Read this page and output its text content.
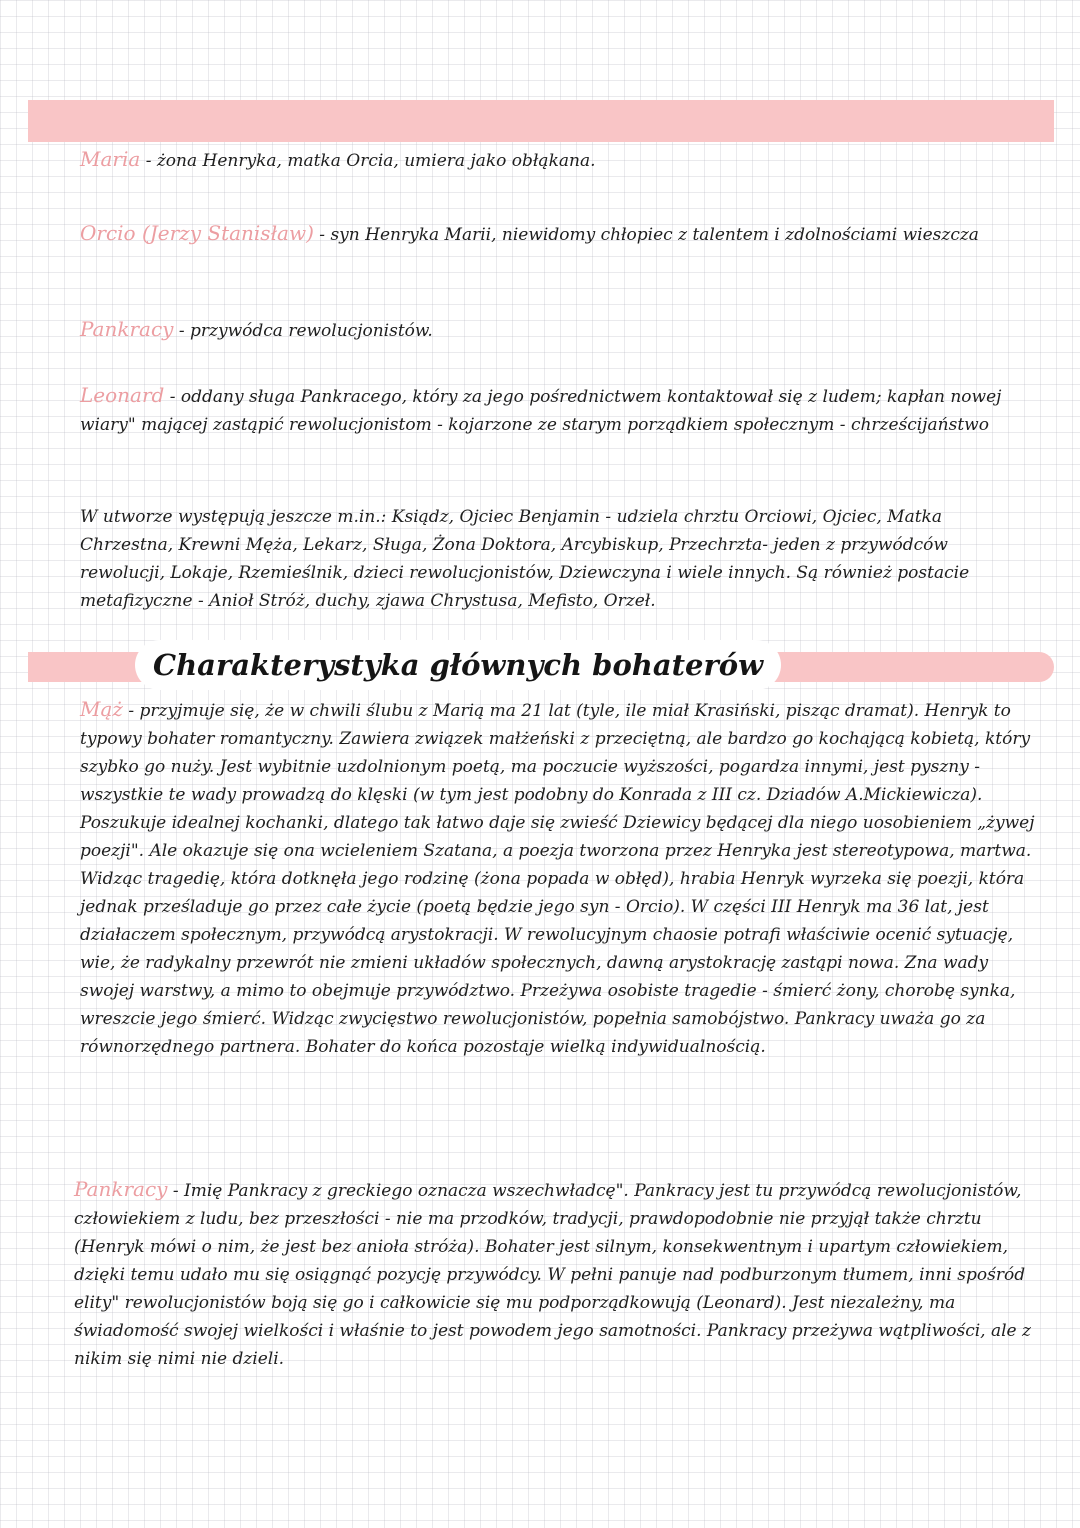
Maria - żona Henryka, matka Orcia, umiera jako obłąkana.

Orcio (Jerzy Stanisław) - syn Henryka Marii, niewidomy chłopiec z talentem i zdolnościami wieszcza

Pankracy - przywódca rewolucjonistów.

Leonard - oddany sługa Pankracego, który za jego pośrednictwem kontaktował się z ludem; kapłan nowej wiary" mającej zastąpić rewolucjonistom - kojarzone ze starym porządkiem społecznym - chrześcijaństwo

W utworze występują jeszcze m.in.: Ksiądz, Ojciec Benjamin - udziela chrztu Orciowi, Ojciec, Matka Chrzestna, Krewni Męża, Lekarz, Sługa, Żona Doktora, Arcybiskup, Przechrzta- jeden z przywódców rewolucji, Lokaje, Rzemieślnik, dzieci rewolucjonistów, Dziewczyna i wiele innych. Są również postacie metafizyczne - Anioł Stróż, duchy, zjawa Chrystusa, Mefisto, Orzeł.

Charakterystyka głównych bohaterów

Mąż - przyjmuje się, że w chwili ślubu z Marią ma 21 lat (tyle, ile miał Krasiński, pisząc dramat). Henryk to typowy bohater romantyczny. Zawiera związek małżeński z przeciętną, ale bardzo go kochającą kobietą, który szybko go nuży. Jest wybitnie uzdolnionym poetą, ma poczucie wyższości, pogardza innymi, jest pyszny - wszystkie te wady prowadzą do klęski (w tym jest podobny do Konrada z III cz. Dziadów A.Mickiewicza). Poszukuje idealnej kochanki, dlatego tak łatwo daje się zwieść Dziewicy będącej dla niego uosobieniem „żywej poezji". Ale okazuje się ona wcieleniem Szatana, a poezja tworzona przez Henryka jest stereotypowa, martwa. Widząc tragedię, która dotknęła jego rodzinę (żona popada w obłęd), hrabia Henryk wyrzeka się poezji, która jednak prześladuje go przez całe życie (poetą będzie jego syn - Orcio). W części III Henryk ma 36 lat, jest działaczem społecznym, przywódcą arystokracji. W rewolucyjnym chaosie potrafi właściwie ocenić sytuację, wie, że radykalny przewrót nie zmieni układów społecznych, dawną arystokrację zastąpi nowa. Zna wady swojej warstwy, a mimo to obejmuje przywództwo. Przeżywa osobiste tragedie - śmierć żony, chorobę synka, wreszcie jego śmierć. Widząc zwycięstwo rewolucjonistów, popełnia samobójstwo. Pankracy uważa go za równorzędnego partnera. Bohater do końca pozostaje wielką indywidualnością.

Pankracy - Imię Pankracy z greckiego oznacza wszechwładcę". Pankracy jest tu przywódcą rewolucjonistów, człowiekiem z ludu, bez przeszłości - nie ma przodków, tradycji, prawdopodobnie nie przyjął także chrztu (Henryk mówi o nim, że jest bez anioła stróża). Bohater jest silnym, konsekwentnym i upartym człowiekiem, dzięki temu udało mu się osiągnąć pozycję przywódcy. W pełni panuje nad podburzonym tłumem, inni spośród elity" rewolucjonistów boją się go i całkowicie się mu podporządkowują (Leonard). Jest niezależny, ma świadomość swojej wielkości i właśnie to jest powodem jego samotności. Pankracy przeżywa wątpliwości, ale z nikim się nimi nie dzieli.
